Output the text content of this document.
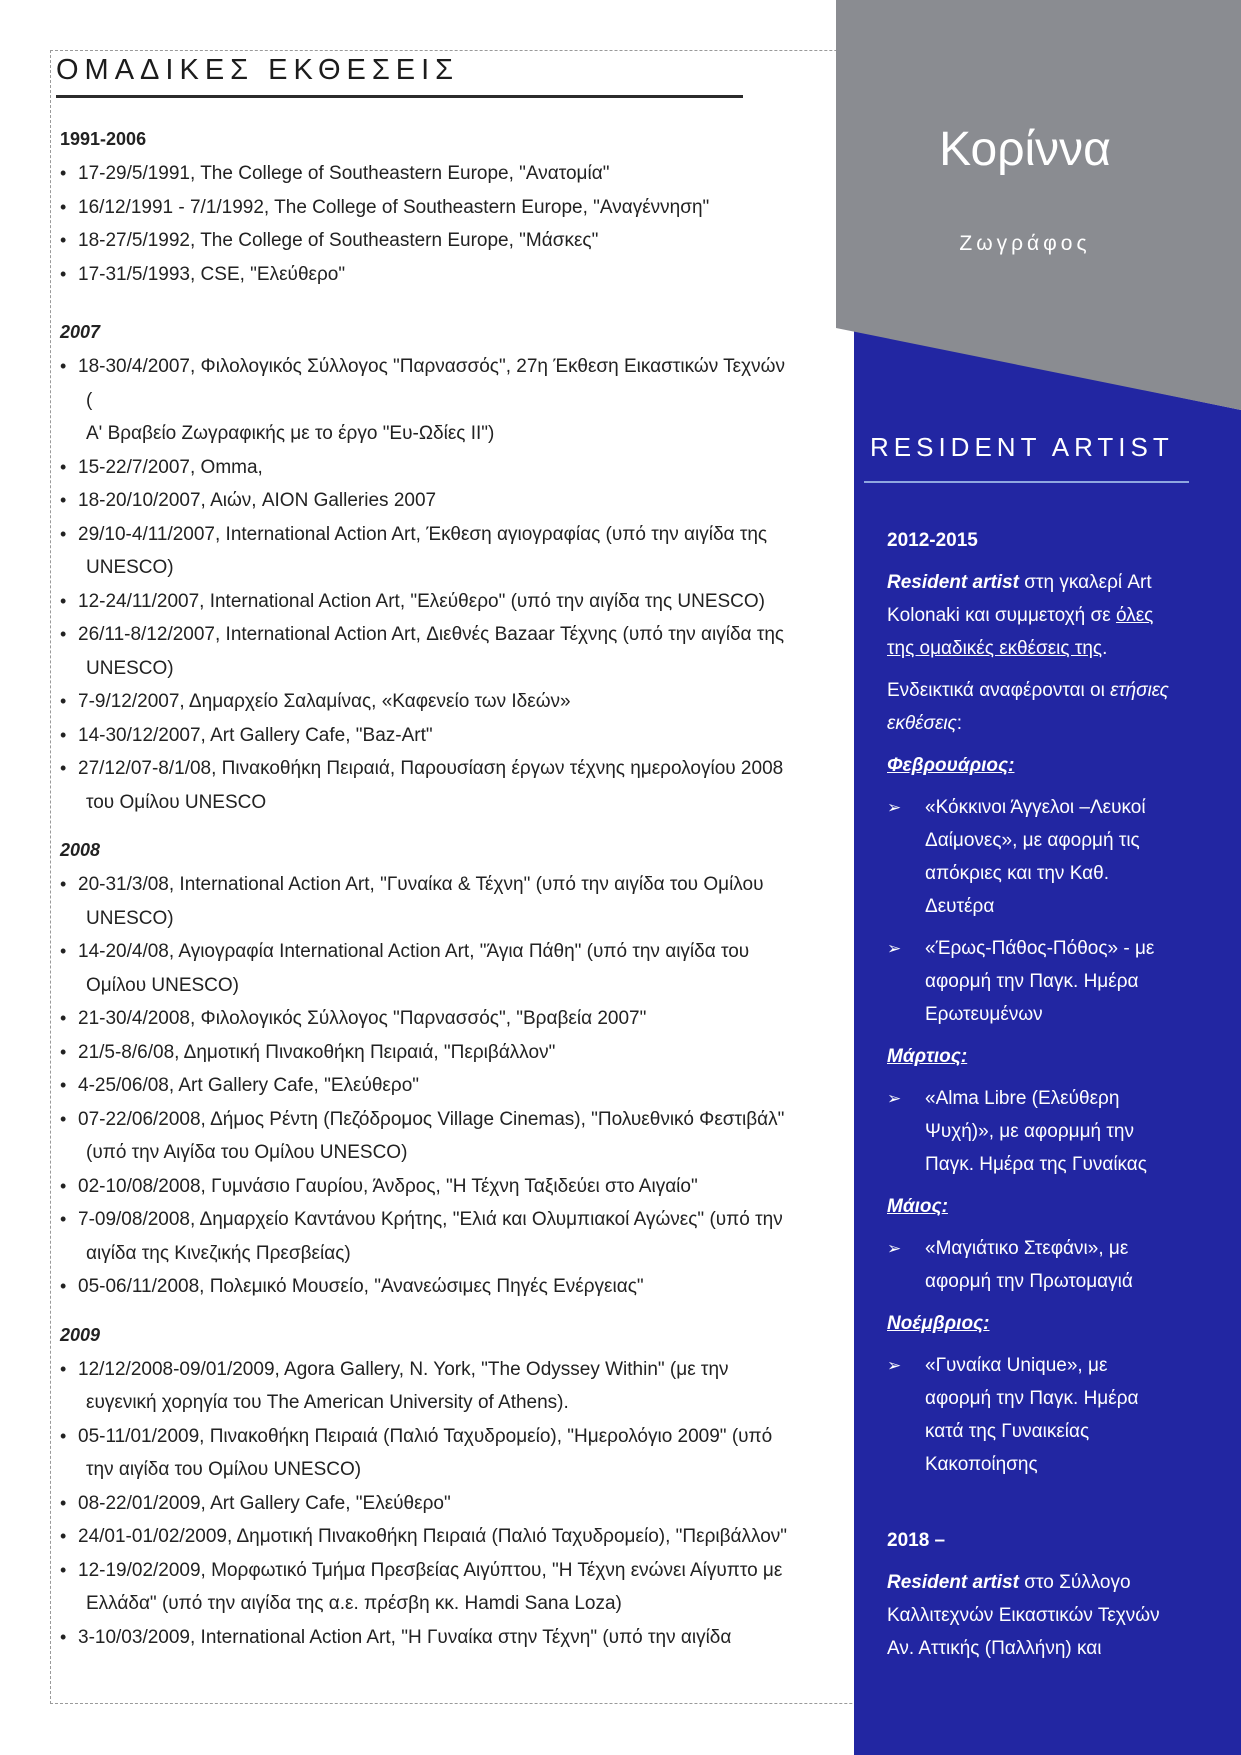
ΟΜΑΔΙΚΕΣ ΕΚΘΕΣΕΙΣ
1991-2006
• 17-29/5/1991, The College of Southeastern Europe, "Ανατομία"
• 16/12/1991 - 7/1/1992, The College of Southeastern Europe, "Αναγέννηση"
• 18-27/5/1992, The College of Southeastern Europe, "Μάσκες"
• 17-31/5/1993, CSE, "Ελεύθερο"
2007
• 18-30/4/2007, Φιλολογικός Σύλλογος "Παρνασσός", 27η Έκθεση Εικαστικών Τεχνών (
Α' Βραβείο Ζωγραφικής με το έργο "Ευ-Ωδίες ΙΙ")
• 15-22/7/2007, Omma,
• 18-20/10/2007, Αιών, AION Galleries 2007
• 29/10-4/11/2007, International Action Art, Έκθεση αγιογραφίας (υπό την αιγίδα της UNESCO)
• 12-24/11/2007, International Action Art, "Ελεύθερο" (υπό την αιγίδα της UNESCO)
• 26/11-8/12/2007, International Action Art, Διεθνές Bazaar Τέχνης (υπό την αιγίδα της UNESCO)
• 7-9/12/2007, Δημαρχείο Σαλαμίνας, «Καφενείο των Ιδεών»
• 14-30/12/2007, Art Gallery Cafe, "Baz-Art"
• 27/12/07-8/1/08, Πινακοθήκη Πειραιά, Παρουσίαση έργων τέχνης ημερολογίου 2008 του Ομίλου UNESCO
2008
• 20-31/3/08, International Action Art, "Γυναίκα & Τέχνη" (υπό την αιγίδα του Ομίλου UNESCO)
• 14-20/4/08, Αγιογραφία International Action Art, "Άγια Πάθη" (υπό την αιγίδα του Ομίλου UNESCO)
• 21-30/4/2008, Φιλολογικός Σύλλογος "Παρνασσός", "Βραβεία 2007"
• 21/5-8/6/08, Δημοτική Πινακοθήκη Πειραιά, "Περιβάλλον"
• 4-25/06/08, Art Gallery Cafe, "Ελεύθερο"
• 07-22/06/2008, Δήμος Ρέντη (Πεζόδρομος Village Cinemas), "Πολυεθνικό Φεστιβάλ" (υπό την Αιγίδα του Ομίλου UNESCO)
• 02-10/08/2008, Γυμνάσιο Γαυρίου, Άνδρος, "Η Τέχνη Ταξιδεύει στο Αιγαίο"
• 7-09/08/2008, Δημαρχείο Καντάνου Κρήτης, "Ελιά και Ολυμπιακοί Αγώνες" (υπό την αιγίδα της Κινεζικής Πρεσβείας)
• 05-06/11/2008, Πολεμικό Μουσείο, "Ανανεώσιμες Πηγές Ενέργειας"
2009
• 12/12/2008-09/01/2009, Agora Gallery, N. York, "The Odyssey Within" (με την ευγενική χορηγία του The American University of Athens).
• 05-11/01/2009, Πινακοθήκη Πειραιά (Παλιό Ταχυδρομείο), "Ημερολόγιο 2009" (υπό την αιγίδα του Ομίλου UNESCO)
• 08-22/01/2009, Art Gallery Cafe, "Ελεύθερο"
• 24/01-01/02/2009, Δημοτική Πινακοθήκη Πειραιά (Παλιό Ταχυδρομείο), "Περιβάλλον"
• 12-19/02/2009, Μορφωτικό Τμήμα Πρεσβείας Αιγύπτου, "Η Τέχνη ενώνει Αίγυπτο με Ελλάδα" (υπό την αιγίδα της α.ε. πρέσβη κκ. Hamdi Sana Loza)
• 3-10/03/2009, International Action Art, "Η Γυναίκα στην Τέχνη" (υπό την αιγίδα
Κορίννα
Ζωγράφος
RESIDENT ARTIST

2012-2015

Resident artist στη γκαλερί Art Kolonaki και συμμετοχή σε όλες της ομαδικές εκθέσεις της.

Ενδεικτικά αναφέρονται οι ετήσιες εκθέσεις:

Φεβρουάριος:

➢ «Κόκκινοι Άγγελοι –Λευκοί Δαίμονες», με αφορμή τις απόκριες και την Καθ. Δευτέρα
➢ «Έρως-Πάθος-Πόθος» - με αφορμή την Παγκ. Ημέρα Ερωτευμένων

Μάρτιος:

➢ «Alma Libre (Ελεύθερη Ψυχή)», με αφορμμή την Παγκ. Ημέρα της Γυναίκας

Μάιος:

➢ «Μαγιάτικο Στεφάνι», με αφορμή την Πρωτομαγιά

Νοέμβριος:

➢ «Γυναίκα Unique», με αφορμή την Παγκ. Ημέρα κατά της Γυναικείας Κακοποίησης

2018 –

Resident artist στο Σύλλογο Καλλιτεχνών Εικαστικών Τεχνών Αν. Αττικής (Παλλήνη) και
